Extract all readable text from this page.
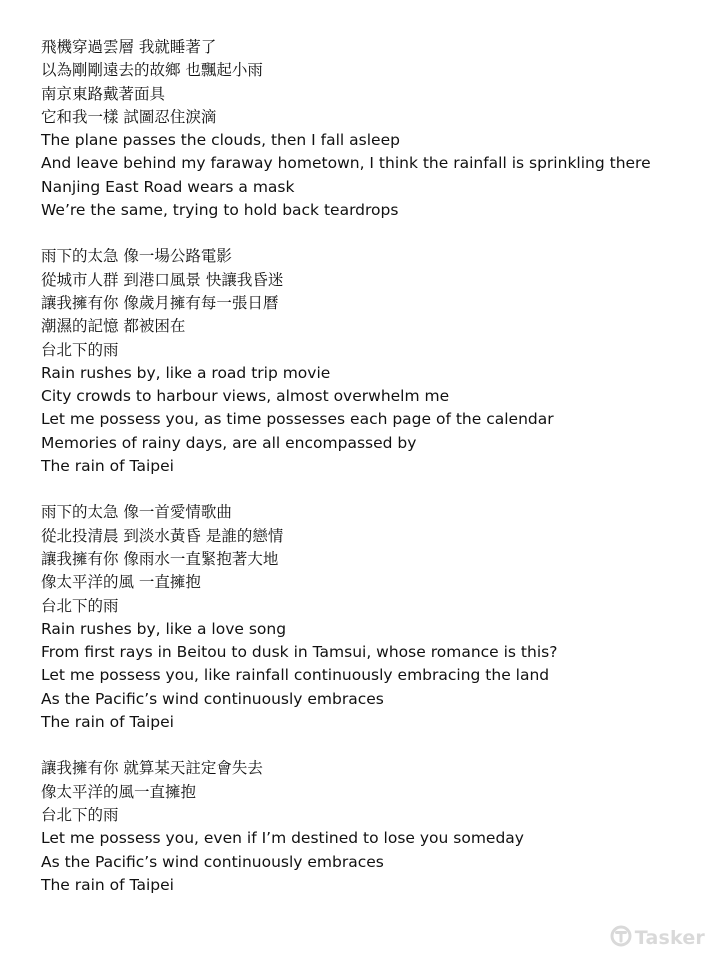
飛機穿過雲層 我就睡著了
以為剛剛遠去的故鄉 也飄起小雨
南京東路戴著面具
它和我一樣 試圖忍住淚滴
The plane passes the clouds, then I fall asleep
And leave behind my faraway hometown, I think the rainfall is sprinkling there
Nanjing East Road wears a mask
We’re the same, trying to hold back teardrops
雨下的太急 像一場公路電影
從城市人群 到港口風景 快讓我昏迷
讓我擁有你 像歲月擁有每一張日曆
潮濕的記憶 都被困在
台北下的雨
Rain rushes by, like a road trip movie
City crowds to harbour views, almost overwhelm me
Let me possess you, as time possesses each page of the calendar
Memories of rainy days, are all encompassed by
The rain of Taipei
雨下的太急 像一首愛情歌曲
從北投清晨 到淡水黃昏 是誰的戀情
讓我擁有你 像雨水一直緊抱著大地
像太平洋的風 一直擁抱
台北下的雨
Rain rushes by, like a love song
From first rays in Beitou to dusk in Tamsui, whose romance is this?
Let me possess you, like rainfall continuously embracing the land
As the Pacific’s wind continuously embraces
The rain of Taipei
讓我擁有你 就算某天註定會失去
像太平洋的風一直擁抱
台北下的雨
Let me possess you, even if I’m destined to lose you someday
As the Pacific’s wind continuously embraces
The rain of Taipei
Tasker
